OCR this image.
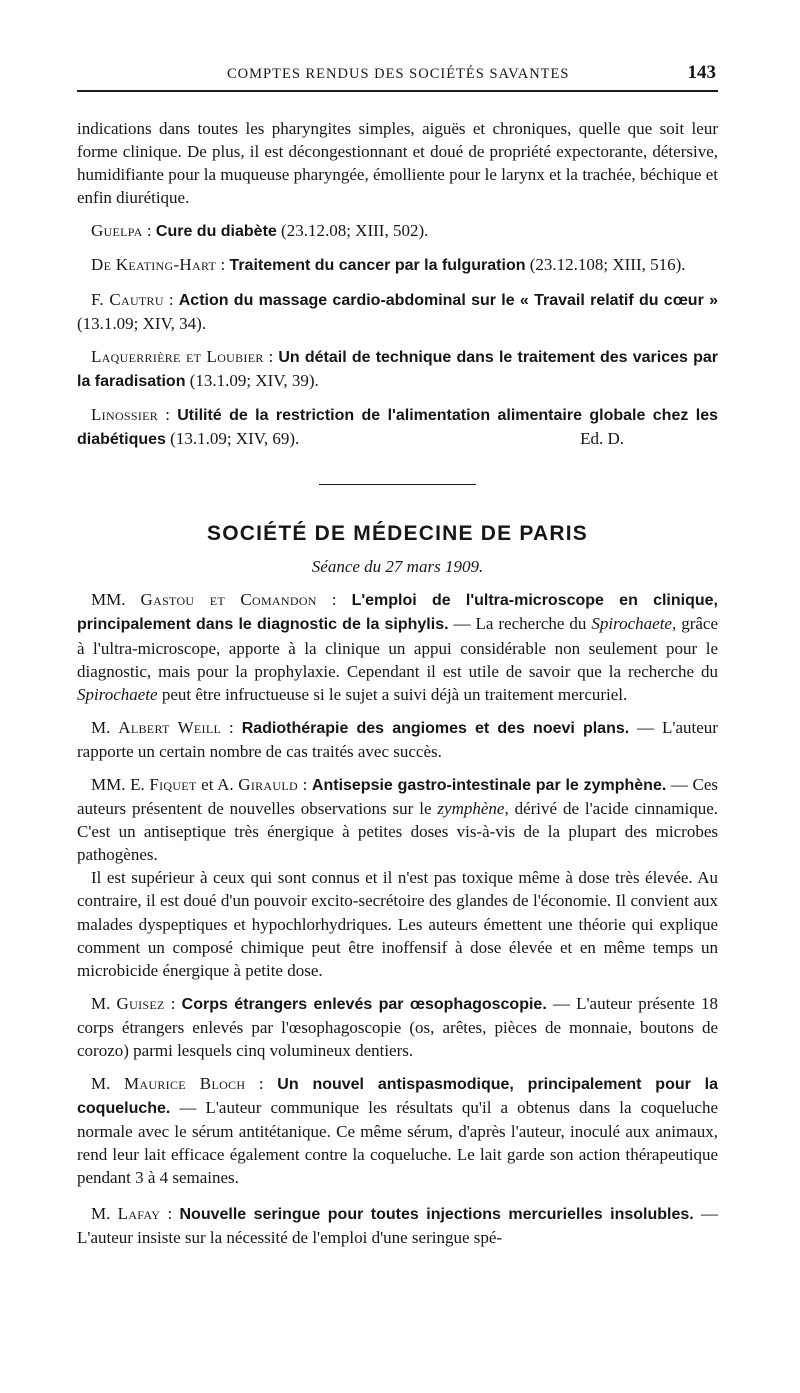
COMPTES RENDUS DES SOCIÉTÉS SAVANTES	143

indications dans toutes les pharyngites simples, aiguës et chroniques, quelle que soit leur forme clinique. De plus, il est décongestionnant et doué de propriété expectorante, détersive, humidifiante pour la muqueuse pharyngée, émolliente pour le larynx et la trachée, béchique et enfin diurétique.

Guelpa : Cure du diabète (23.12.08; XIII, 502).

De Keating-Hart : Traitement du cancer par la fulguration (23.12.108; XIII, 516).

F. Cautru : Action du massage cardio-abdominal sur le « Travail relatif du cœur » (13.1.09; XIV, 34).

Laquerrière et Loubier : Un détail de technique dans le traitement des varices par la faradisation (13.1.09; XIV, 39).

Linossier : Utilité de la restriction de l'alimentation alimentaire globale chez les diabétiques (13.1.09; XIV, 69).	Ed. D.

SOCIÉTÉ DE MÉDECINE DE PARIS

Séance du 27 mars 1909.

MM. Gastou et Comandon : L'emploi de l'ultra-microscope en clinique, principalement dans le diagnostic de la siphylis. — La recherche du Spirochaete, grâce à l'ultra-microscope, apporte à la clinique un appui considérable non seulement pour le diagnostic, mais pour la prophylaxie. Cependant il est utile de savoir que la recherche du Spirochaete peut être infructueuse si le sujet a suivi déjà un traitement mercuriel.

M. Albert Weill : Radiothérapie des angiomes et des noevi plans. — L'auteur rapporte un certain nombre de cas traités avec succès.

MM. E. Fiquet et A. Girauld : Antisepsie gastro-intestinale par le zymphène. — Ces auteurs présentent de nouvelles observations sur le zymphène, dérivé de l'acide cinnamique. C'est un antiseptique très énergique à petites doses vis-à-vis de la plupart des microbes pathogènes.

Il est supérieur à ceux qui sont connus et il n'est pas toxique même à dose très élevée. Au contraire, il est doué d'un pouvoir excito-secrétoire des glandes de l'économie. Il convient aux malades dyspeptiques et hypochlorhydriques. Les auteurs émettent une théorie qui explique comment un composé chimique peut être inoffensif à dose élevée et en même temps un microbicide énergique à petite dose.

M. Guisez : Corps étrangers enlevés par œsophagoscopie. — L'auteur présente 18 corps étrangers enlevés par l'œsophagoscopie (os, arêtes, pièces de monnaie, boutons de corozo) parmi lesquels cinq volumineux dentiers.

M. Maurice Bloch : Un nouvel antispasmodique, principalement pour la coqueluche. — L'auteur communique les résultats qu'il a obtenus dans la coqueluche normale avec le sérum antitétanique. Ce même sérum, d'après l'auteur, inoculé aux animaux, rend leur lait efficace également contre la coqueluche. Le lait garde son action thérapeutique pendant 3 à 4 semaines.

M. Lafay : Nouvelle seringue pour toutes injections mercurielles insolubles. — L'auteur insiste sur la nécessité de l'emploi d'une seringue spé-
